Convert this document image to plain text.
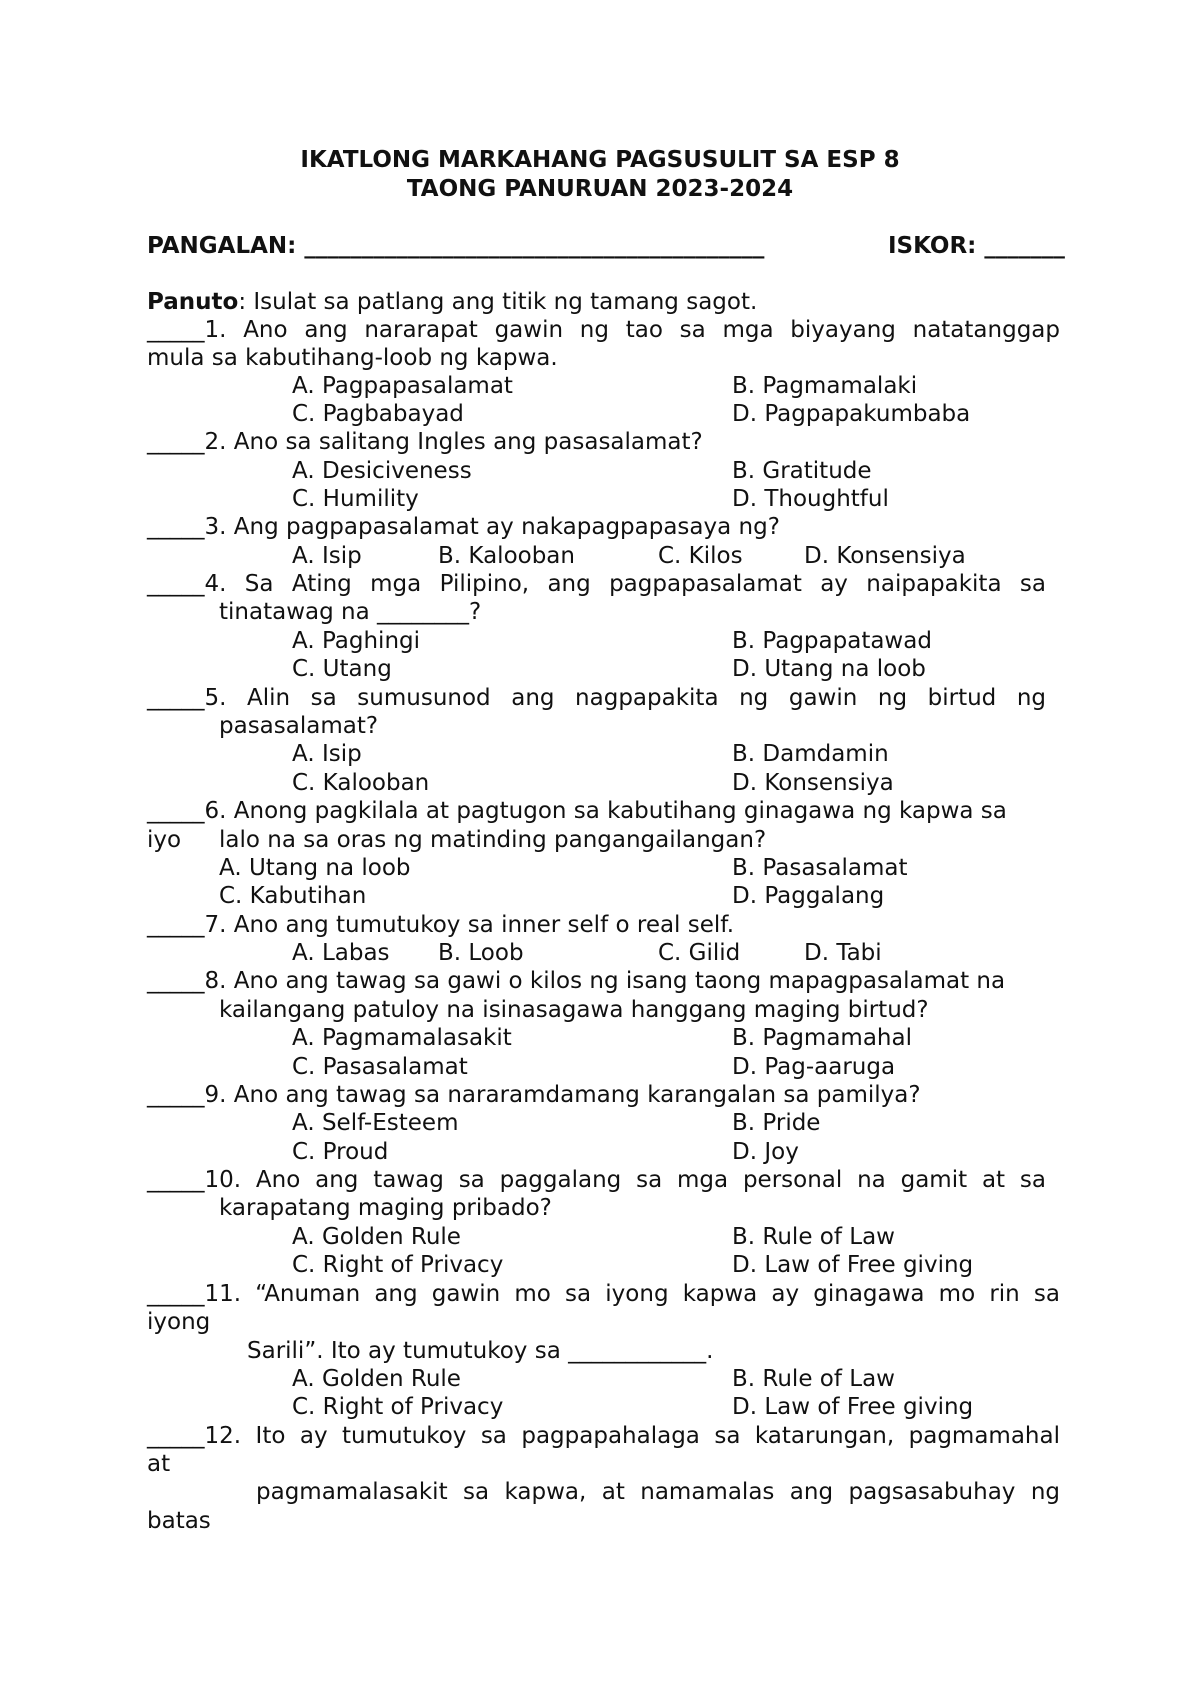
IKATLONG MARKAHANG PAGSUSULIT SA ESP 8
TAONG PANURUAN 2023-2024
PANGALAN: ________________________________________	ISKOR: _______
Panuto: Isulat sa patlang ang titik ng tamang sagot.
_____1. Ano ang nararapat gawin ng tao sa mga biyayang natatanggap
mula sa kabutihang-loob ng kapwa.
A. Pagpapasalamat	B. Pagmamalaki
C. Pagbabayad	D. Pagpapakumbaba
_____2. Ano sa salitang Ingles ang pasasalamat?
A. Desiciveness	B. Gratitude
C. Humility	D. Thoughtful
_____3. Ang pagpapasalamat ay nakapagpapasaya ng?
A. Isip	B. Kalooban	C. Kilos	D. Konsensiya
_____4. Sa Ating mga Pilipino, ang pagpapasalamat ay naipapakita sa
tinatawag na ________?
A. Paghingi	B. Pagpapatawad
C. Utang	D. Utang na loob
_____5. Alin sa sumusunod ang nagpapakita ng gawin ng birtud ng
pasasalamat?
A. Isip	B. Damdamin
C. Kalooban	D. Konsensiya
_____6. Anong pagkilala at pagtugon sa kabutihang ginagawa ng kapwa sa
iyo lalo na sa oras ng matinding pangangailangan?
A. Utang na loob	B. Pasasalamat
C. Kabutihan	D. Paggalang
_____7. Ano ang tumutukoy sa inner self o real self.
A. Labas B. Loob	C. Gilid	D. Tabi
_____8. Ano ang tawag sa gawi o kilos ng isang taong mapagpasalamat na
kailangang patuloy na isinasagawa hanggang maging birtud?
A. Pagmamalasakit	B. Pagmamahal
C. Pasasalamat	D. Pag-aaruga
_____9. Ano ang tawag sa nararamdamang karangalan sa pamilya?
A. Self-Esteem	B. Pride
C. Proud	D. Joy
_____10. Ano ang tawag sa paggalang sa mga personal na gamit at sa
karapatang maging pribado?
A. Golden Rule	B. Rule of Law
C. Right of Privacy	D. Law of Free giving
_____11. “Anuman ang gawin mo sa iyong kapwa ay ginagawa mo rin sa
iyong
Sarili”. Ito ay tumutukoy sa ____________.
A. Golden Rule	B. Rule of Law
C. Right of Privacy	D. Law of Free giving
_____12. Ito ay tumutukoy sa pagpapahalaga sa katarungan, pagmamahal
at
pagmamalasakit sa kapwa, at namamalas ang pagsasabuhay ng
batas
